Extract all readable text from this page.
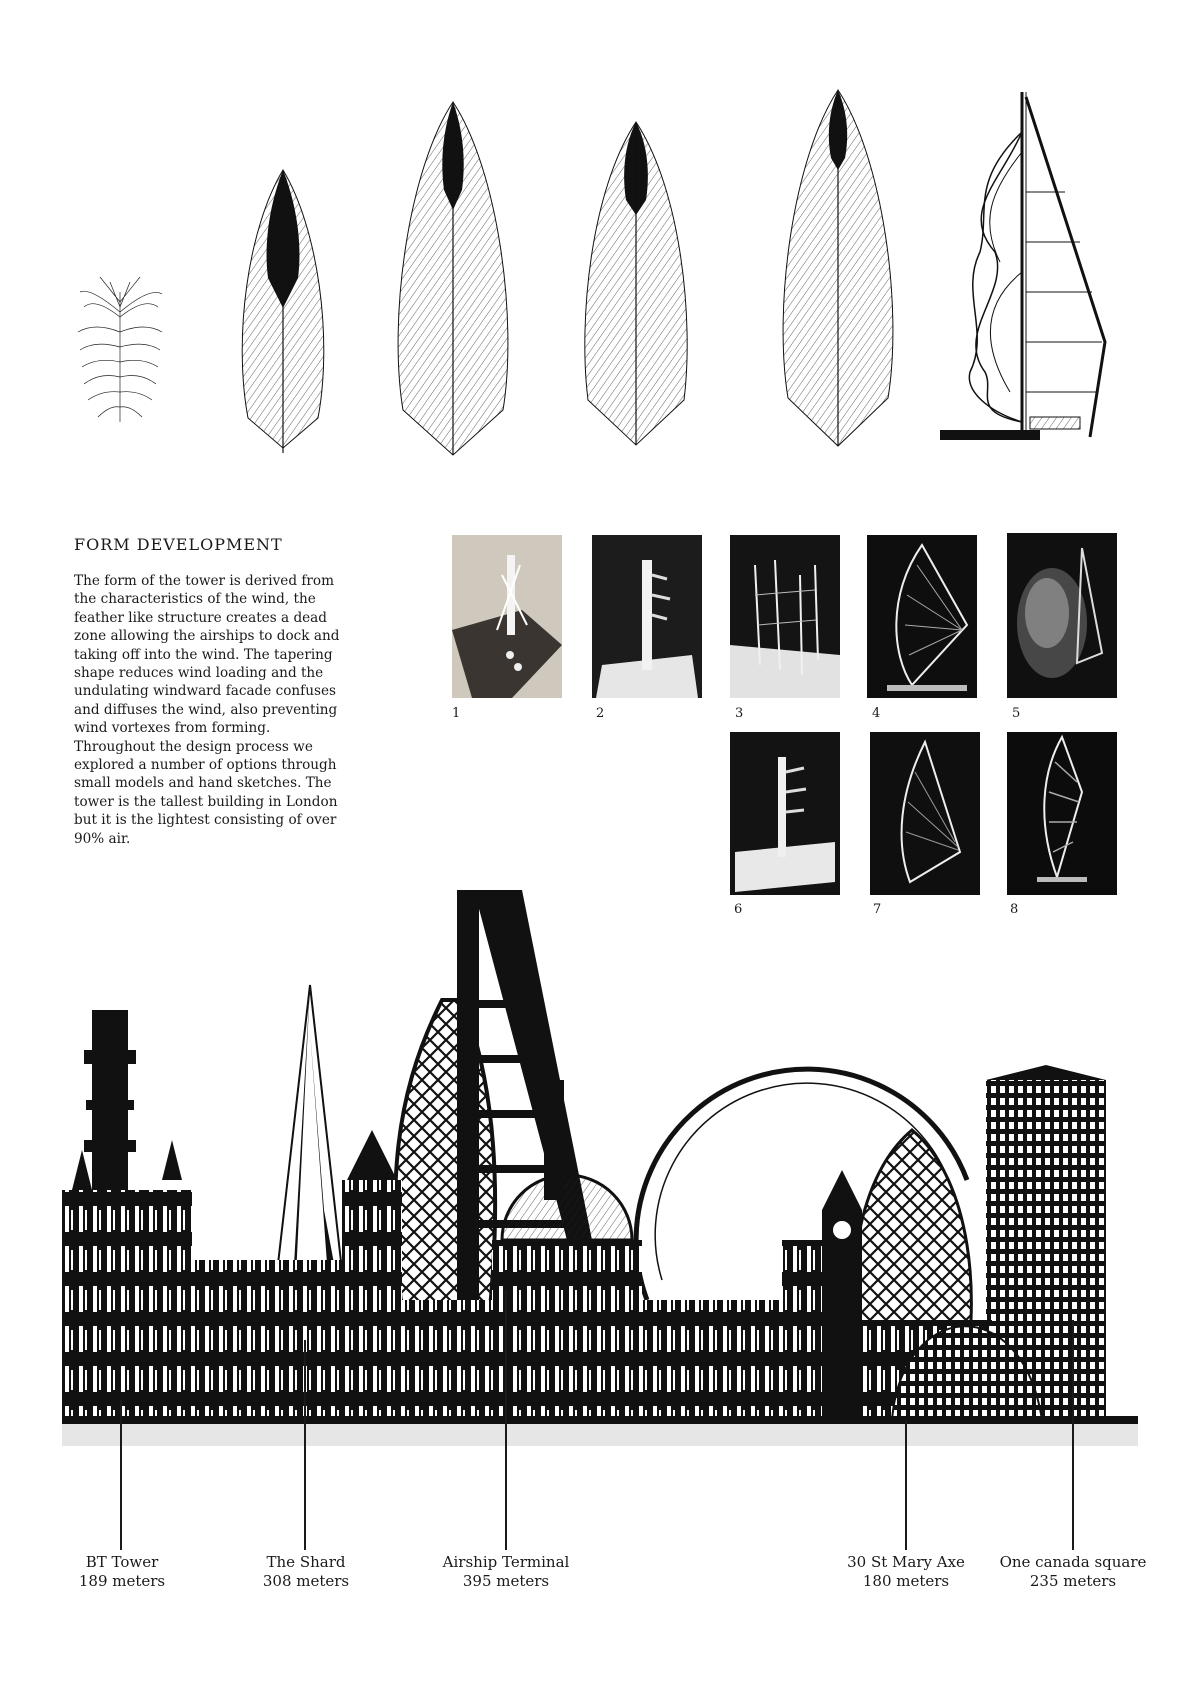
FORM DEVELOPMENT

The form of the tower is derived from the characteristics of the wind, the feather like structure creates a dead zone allowing the airships to dock and taking off into the wind. The tapering shape reduces wind loading and the undulating windward facade confuses and diffuses the wind, also preventing wind vortexes from forming. Throughout the design process we explored a number of options through small models and hand sketches. The tower is the tallest building in London but it is the lightest consisting of over 90% air.

1	2	3	4	5
6	7	8
BT Tower
189 meters
The Shard
308 meters
Airship Terminal
395 meters
30 St Mary Axe
180 meters
One canada square
235 meters
